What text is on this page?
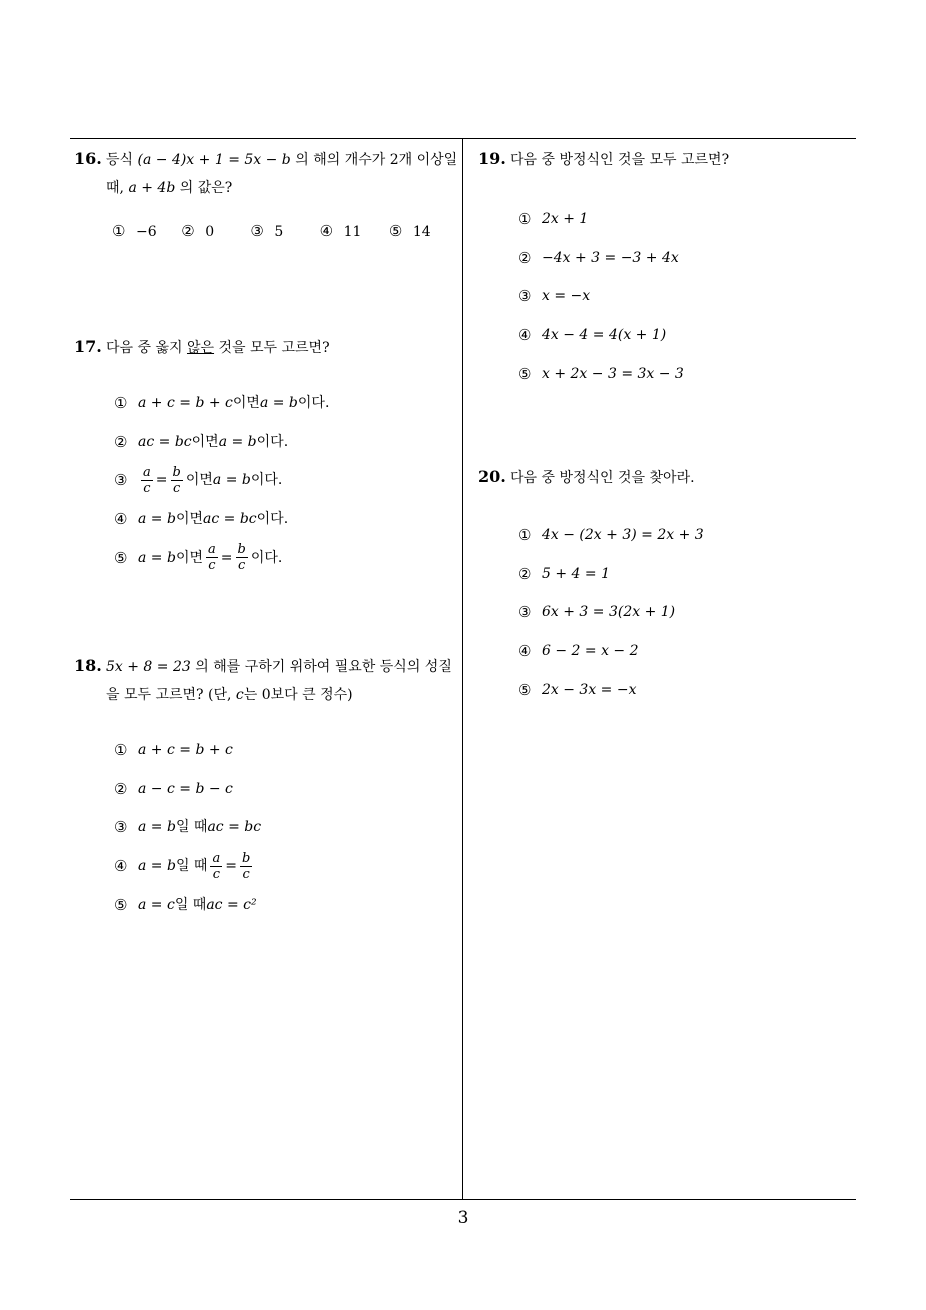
3
16. 등식 (a − 4)x + 1 = 5x − b 의 해의 개수가 2개 이상일 때, a + 4b 의 값은?
① −6	② 0	③ 5	④ 11	⑤ 14
17. 다음 중 옳지 않은 것을 모두 고르면?
① a + c = b + c 이면 a = b 이다.
② ac = bc 이면 a = b 이다.
③	$\frac{a}{c} = \frac{b}{c}$ 이면 a = b 이다.
④ a = b 이면 ac = bc 이다.
⑤ a = b 이면 $\frac{a}{c} = \frac{b}{c}$ 이다.
18. 5x + 8 = 23 의 해를 구하기 위하여 필요한 등식의 성질을 모두 고르면? (단, c는 0보다 큰 정수)
① a + c = b + c
② a − c = b − c
③ a = b 일 때 ac = bc
④ a = b 일 때 $\frac{a}{c} = \frac{b}{c}$
⑤ a = c 일 때 ac = c²
19. 다음 중 방정식인 것을 모두 고르면?
① 2x + 1
② −4x + 3 = −3 + 4x
③ x = −x
④ 4x − 4 = 4(x + 1)
⑤ x + 2x − 3 = 3x − 3
20. 다음 중 방정식인 것을 찾아라.
① 4x − (2x + 3) = 2x + 3
② 5 + 4 = 1
③ 6x + 3 = 3(2x + 1)
④ 6 − 2 = x − 2
⑤ 2x − 3x = −x
